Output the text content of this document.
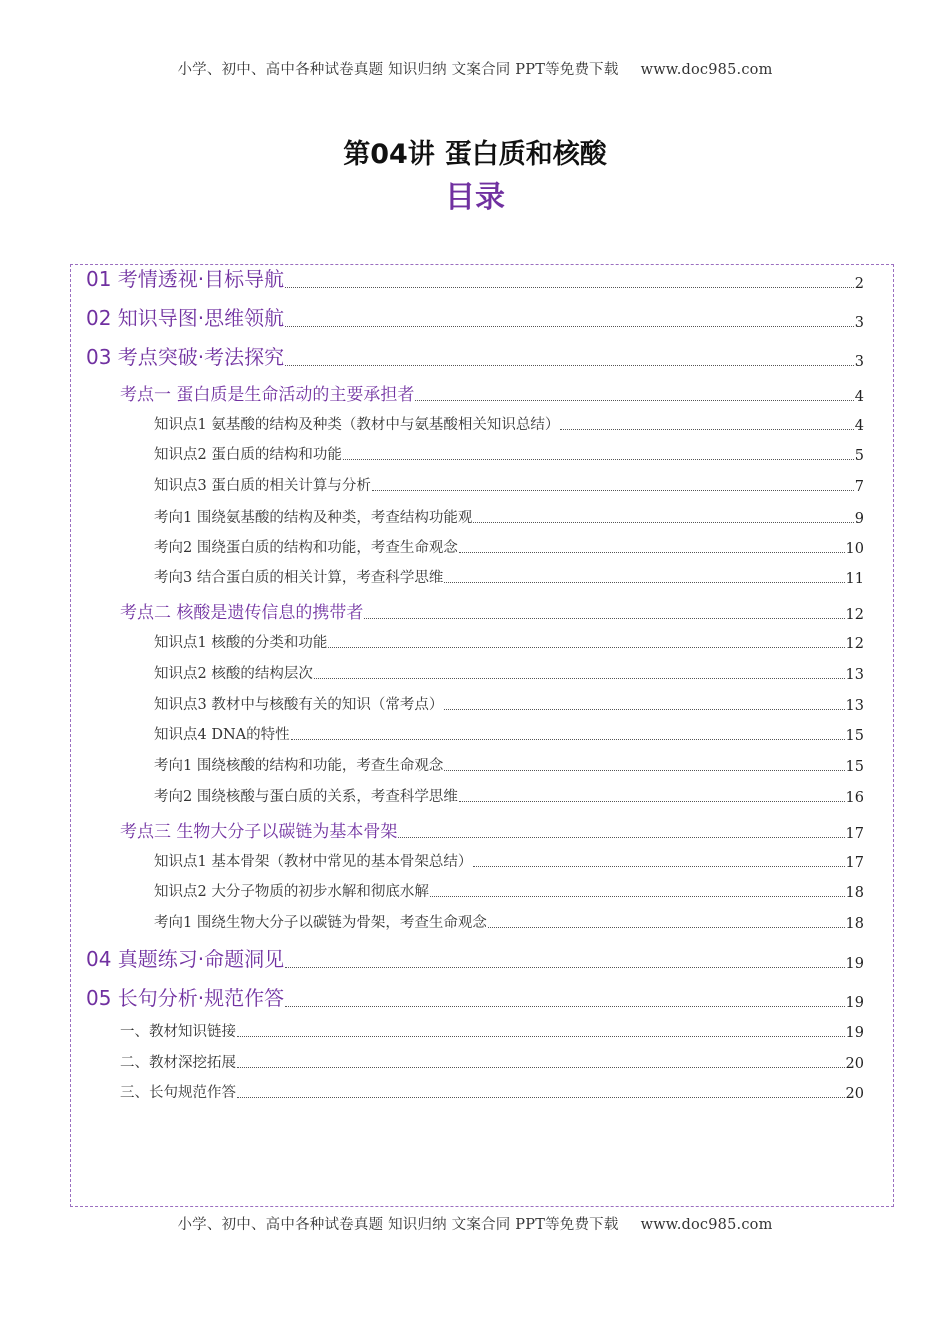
小学、初中、高中各种试卷真题 知识归纳 文案合同 PPT等免费下载 www.doc985.com
第04讲 蛋白质和核酸
目录
01 考情透视·目标导航	2
02 知识导图·思维领航	3
03 考点突破·考法探究	3
考点一 蛋白质是生命活动的主要承担者	4
知识点1 氨基酸的结构及种类（教材中与氨基酸相关知识总结）	4
知识点2 蛋白质的结构和功能	5
知识点3 蛋白质的相关计算与分析	7
考向1 围绕氨基酸的结构及种类，考查结构功能观	9
考向2 围绕蛋白质的结构和功能，考查生命观念	10
考向3 结合蛋白质的相关计算，考查科学思维	11
考点二 核酸是遗传信息的携带者	12
知识点1 核酸的分类和功能	12
知识点2 核酸的结构层次	13
知识点3 教材中与核酸有关的知识（常考点）	13
知识点4 DNA的特性	15
考向1 围绕核酸的结构和功能，考查生命观念	15
考向2 围绕核酸与蛋白质的关系，考查科学思维	16
考点三 生物大分子以碳链为基本骨架	17
知识点1 基本骨架（教材中常见的基本骨架总结）	17
知识点2 大分子物质的初步水解和彻底水解	18
考向1 围绕生物大分子以碳链为骨架，考查生命观念	18
04 真题练习·命题洞见	19
05 长句分析·规范作答	19
一、教材知识链接	19
二、教材深挖拓展	20
三、长句规范作答	20
小学、初中、高中各种试卷真题 知识归纳 文案合同 PPT等免费下载 www.doc985.com
